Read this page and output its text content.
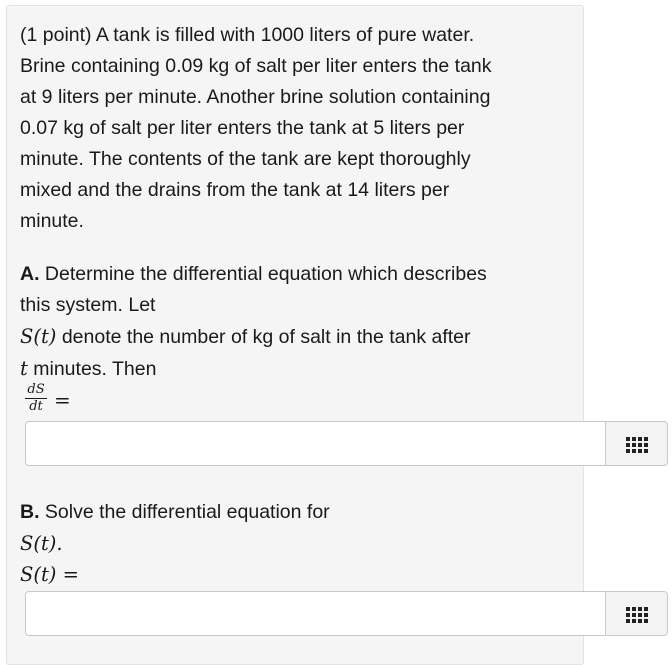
(1 point) A tank is filled with 1000 liters of pure water.
Brine containing 0.09 kg of salt per liter enters the tank
at 9 liters per minute. Another brine solution containing
0.07 kg of salt per liter enters the tank at 5 liters per
minute. The contents of the tank are kept thoroughly
mixed and the drains from the tank at 14 liters per
minute.
A. Determine the differential equation which describes
this system. Let
S(t) denote the number of kg of salt in the tank after
t minutes. Then
$\frac{dS}{dt}$ =
B. Solve the differential equation for
S(t).
S(t) =
